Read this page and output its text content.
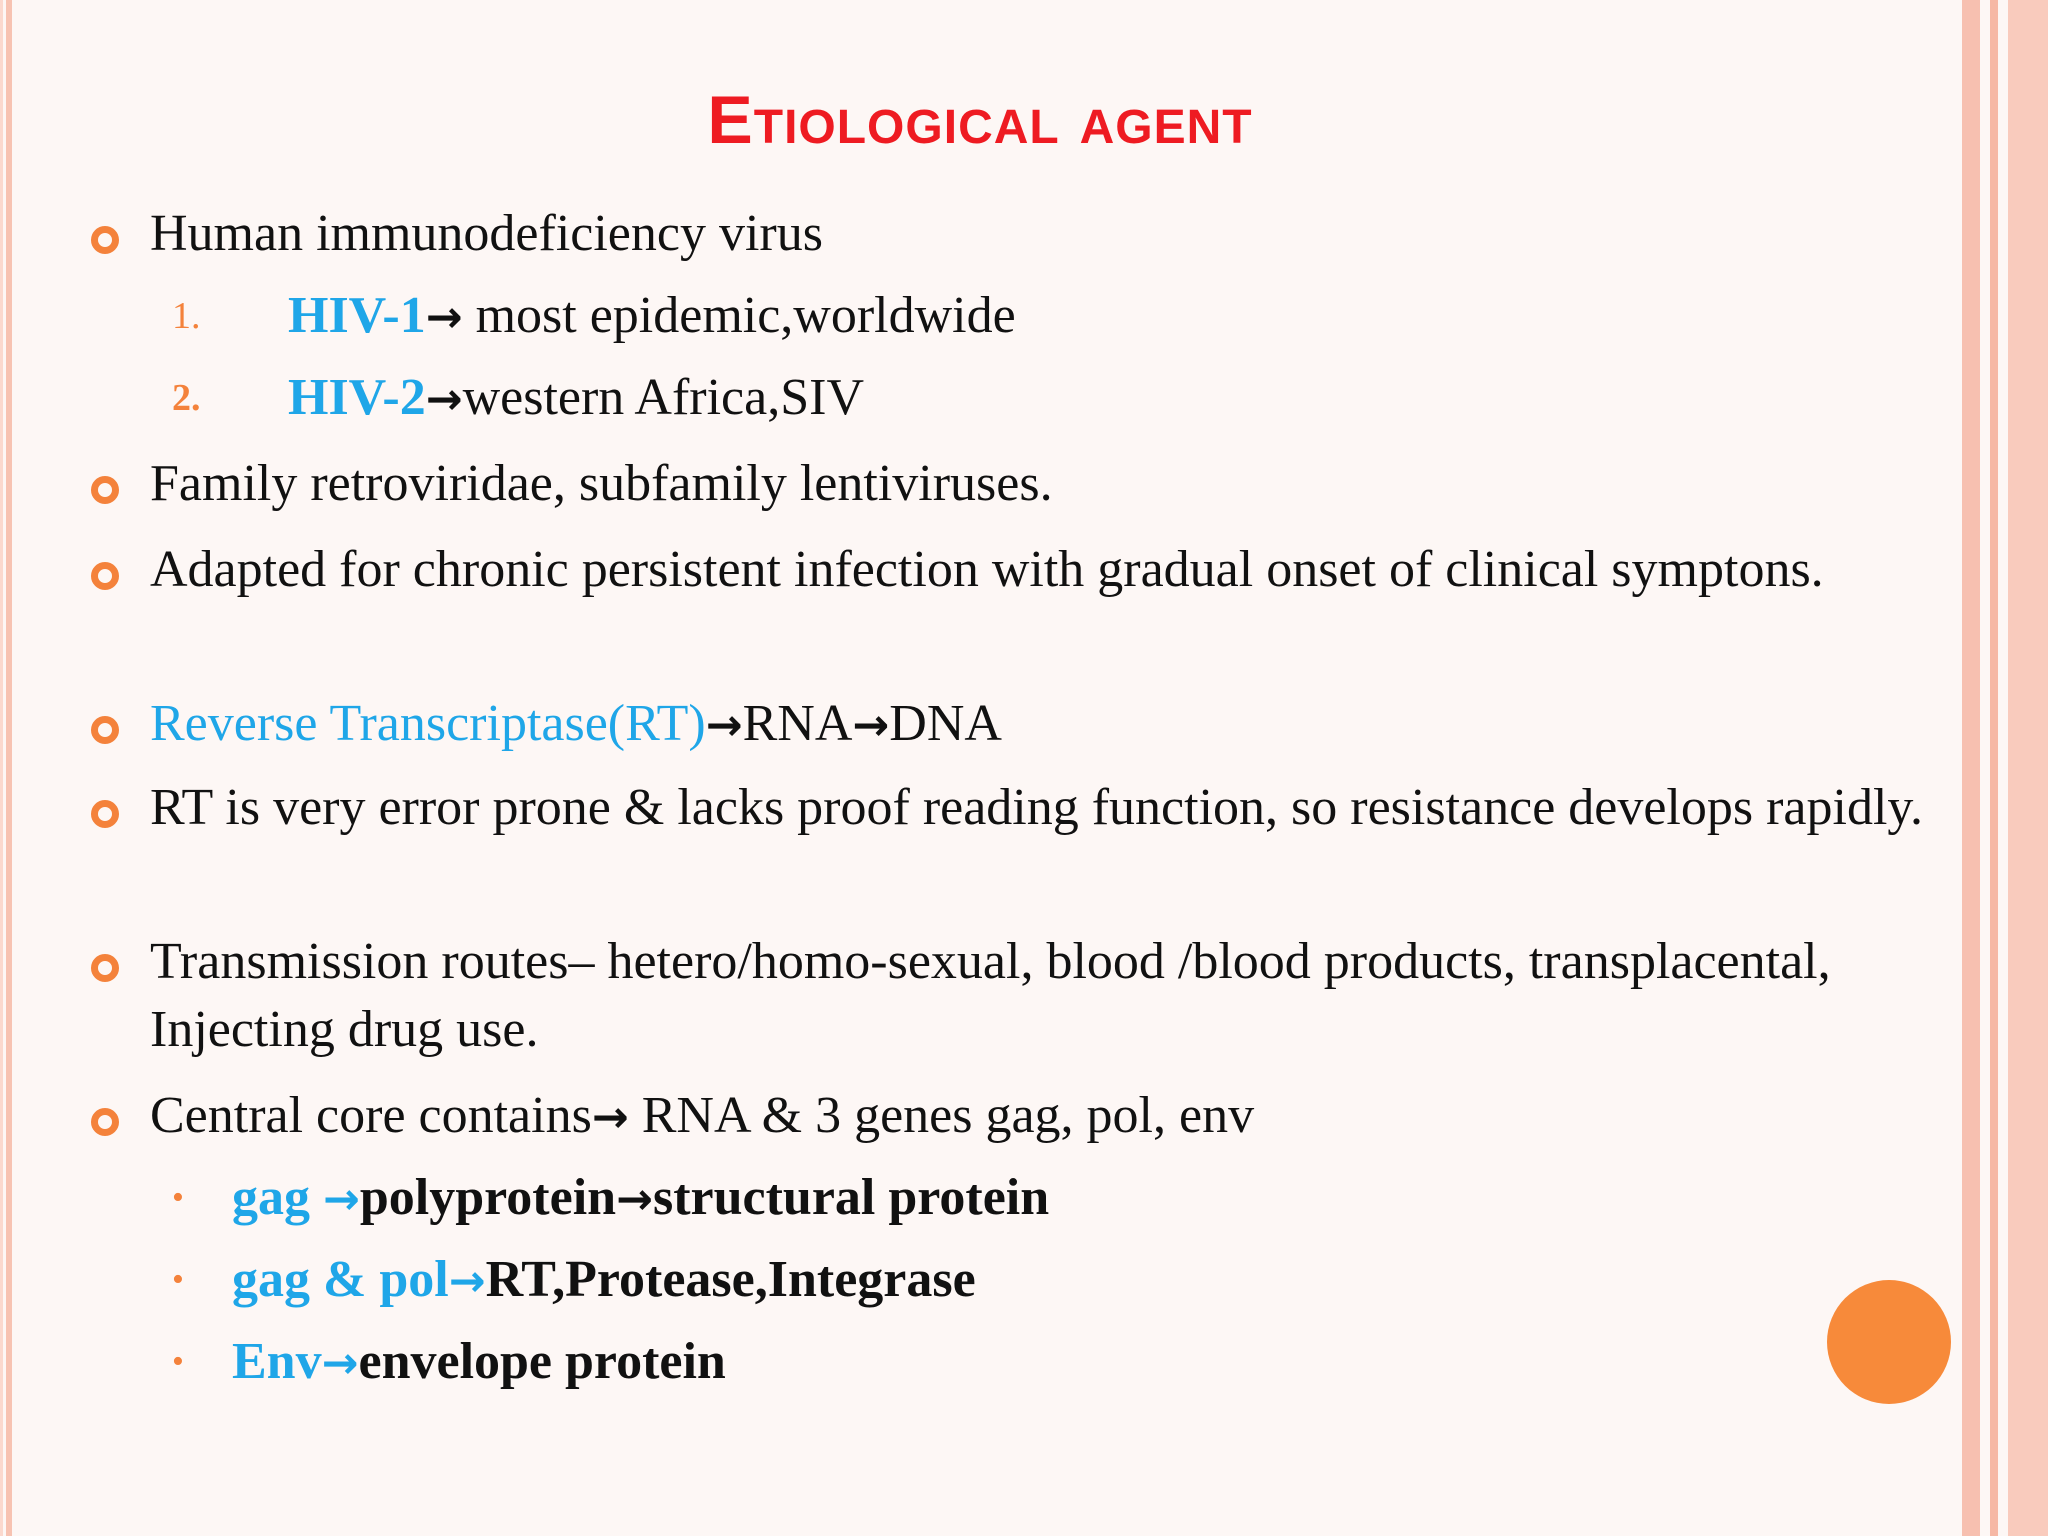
Etiological agent
Human immunodeficiency virus
1. HIV-1→ most epidemic,worldwide
2. HIV-2→western Africa,SIV
Family retroviridae, subfamily lentiviruses.
Adapted for chronic persistent infection with gradual onset of clinical symptons.
Reverse Transcriptase(RT)→RNA→DNA
RT is very error prone & lacks proof reading function, so resistance develops rapidly.
Transmission routes– hetero/homo-sexual, blood /blood products, transplacental, Injecting drug use.
Central core contains→ RNA & 3 genes gag, pol, env
• gag →polyprotein→structural protein
• gag & pol→RT,Protease,Integrase
• Env→envelope protein
